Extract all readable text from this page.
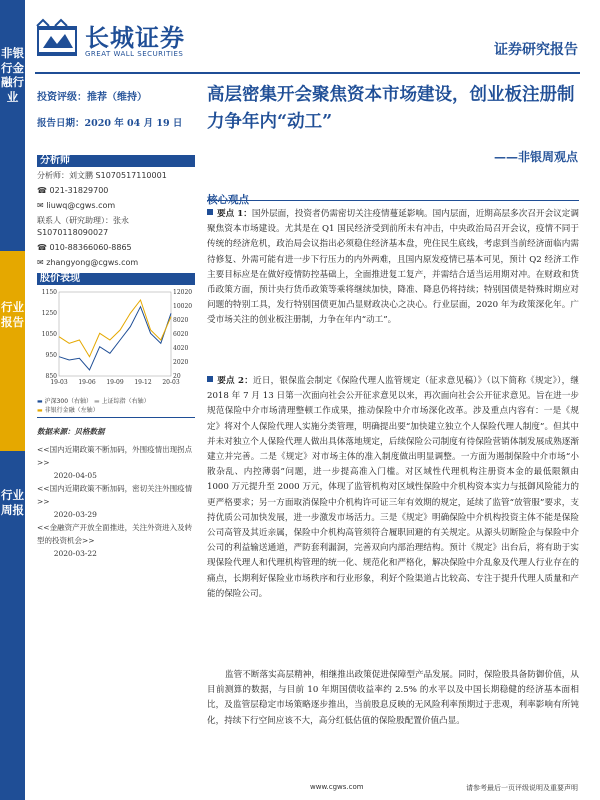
非银行金融行业
行业报告
行业周报
长城证券
GREAT WALL SECURITIES	证券研究报告
投资评级：推荐（维持）
报告日期：2020 年 04 月 19 日
分析师
分析师：刘文鹏 S1070517110001
☎ 021-31829700
✉ liuwq@cgws.com
联系人（研究助理）：张永 S1070118090027
☎ 010-88366060-8865
✉ zhangyong@cgws.com
股价表现
1150
1250
1050
950
850
12020
10020
8020
6020
4020
2020
20
19-03 19-06 19-09 19-12 20-03
▬ 沪深300（右轴） ▬ 上证综指（右轴）
▬ 非银行金融（左轴）
数据来源：贝格数据
<<国内近期政策不断加码，外围疫情出现拐点>>
2020-04-05
<<国内近期政策不断加码，密切关注外围疫情>>
2020-03-29
<<金融资产开放全面推进，关注外资进入及转型的投资机会>>
2020-03-22
高层密集开会聚焦资本市场建设，创业板注册制力争年内“动工”
——非银周观点
核心观点
要点 1：国外层面，投资者仍需密切关注疫情蔓延影响。国内层面，近期高层多次召开会议定调聚焦资本市场建设。尤其是在 Q1 国民经济受到前所未有冲击，中央政治局召开会议，疫情不同于传统的经济危机，政治局会议指出必须稳住经济基本盘，兜住民生底线，考虑到当前经济面临内需待修复、外需可能有进一步下行压力的内外两难，且国内原发疫情已基本可见，预计 Q2 经济工作主要目标应是在做好疫情防控基础上，全面推进复工复产，并需结合适当运用期对冲。在财政和货币政策方面，预计央行货币政策等乘将继续加快，降准、降息仍将持续；特别国债是特殊时期应对问题的特别工具，发行特别国债更加凸显财政决心之决心。行业层面，2020 年为政策深化年。广受市场关注的创业板注册制，力争在年内“动工”。
要点 2：近日，银保监会制定《保险代理人监管规定（征求意见稿）》（以下简称《规定》），继 2018 年 7 月 13 日第一次面向社会公开征求意见以来，再次面向社会公开征求意见。旨在进一步规范保险中介市场清理整顿工作成果，推动保险中介市场深化改革。涉及重点内容有：一是《规定》将对个人保险代理人实施分类管理，明确提出要“加快建立独立个人保险代理人制度”。但其中并未对独立个人保险代理人做出具体落地规定，后续保险公司制度有待保险营销体制发展成熟逐渐建立并完善。二是《规定》对市场主体的准入制度做出明显调整。一方面为遏制保险中介市场“小散杂乱、内控薄弱”问题，进一步提高准入门槛。对区域性代理机构注册资本金的最低限额由 1000 万元提升至 2000 万元，体现了监管机构对区域性保险中介机构资本实力与抵御风险能力的更严格要求；另一方面取消保险中介机构许可证三年有效期的规定，延续了监管“放管服”要求，支持优质公司加快发展，进一步激发市场活力。三是《规定》明确保险中介机构投资主体不能是保险公司高管及其近亲属，保险中介机构高管须符合履职回避的有关规定。从源头切断险企与保险中介公司的利益输送通道，严防套利漏洞，完善双向内部治理结构。预计《规定》出台后，将有助于实现保险代理人和代理机构管理的统一化、规范化和严格化，解决保险中介乱象及代理人行业存在的痛点，长期利好保险业市场秩序和行业形象，利好个险渠道占比较高、专注于提升代理人质量和产能的保险公司。
监管不断落实高层精神，相继推出政策促进保障型产品发展。同时，保险股具备防御价值，从目前测算的数据，与目前 10 年期国债收益率约 2.5% 的水平以及中国长期稳健的经济基本面相比，及监管层稳定市场策略逐步推出，当前股息反映的无风险利率预期过于悲观，利率影响有所钝化，持续下行空间应该不大，高分红低估值的保险股配置价值凸显。
www.cgws.com	请参考最后一页评级说明及重要声明
